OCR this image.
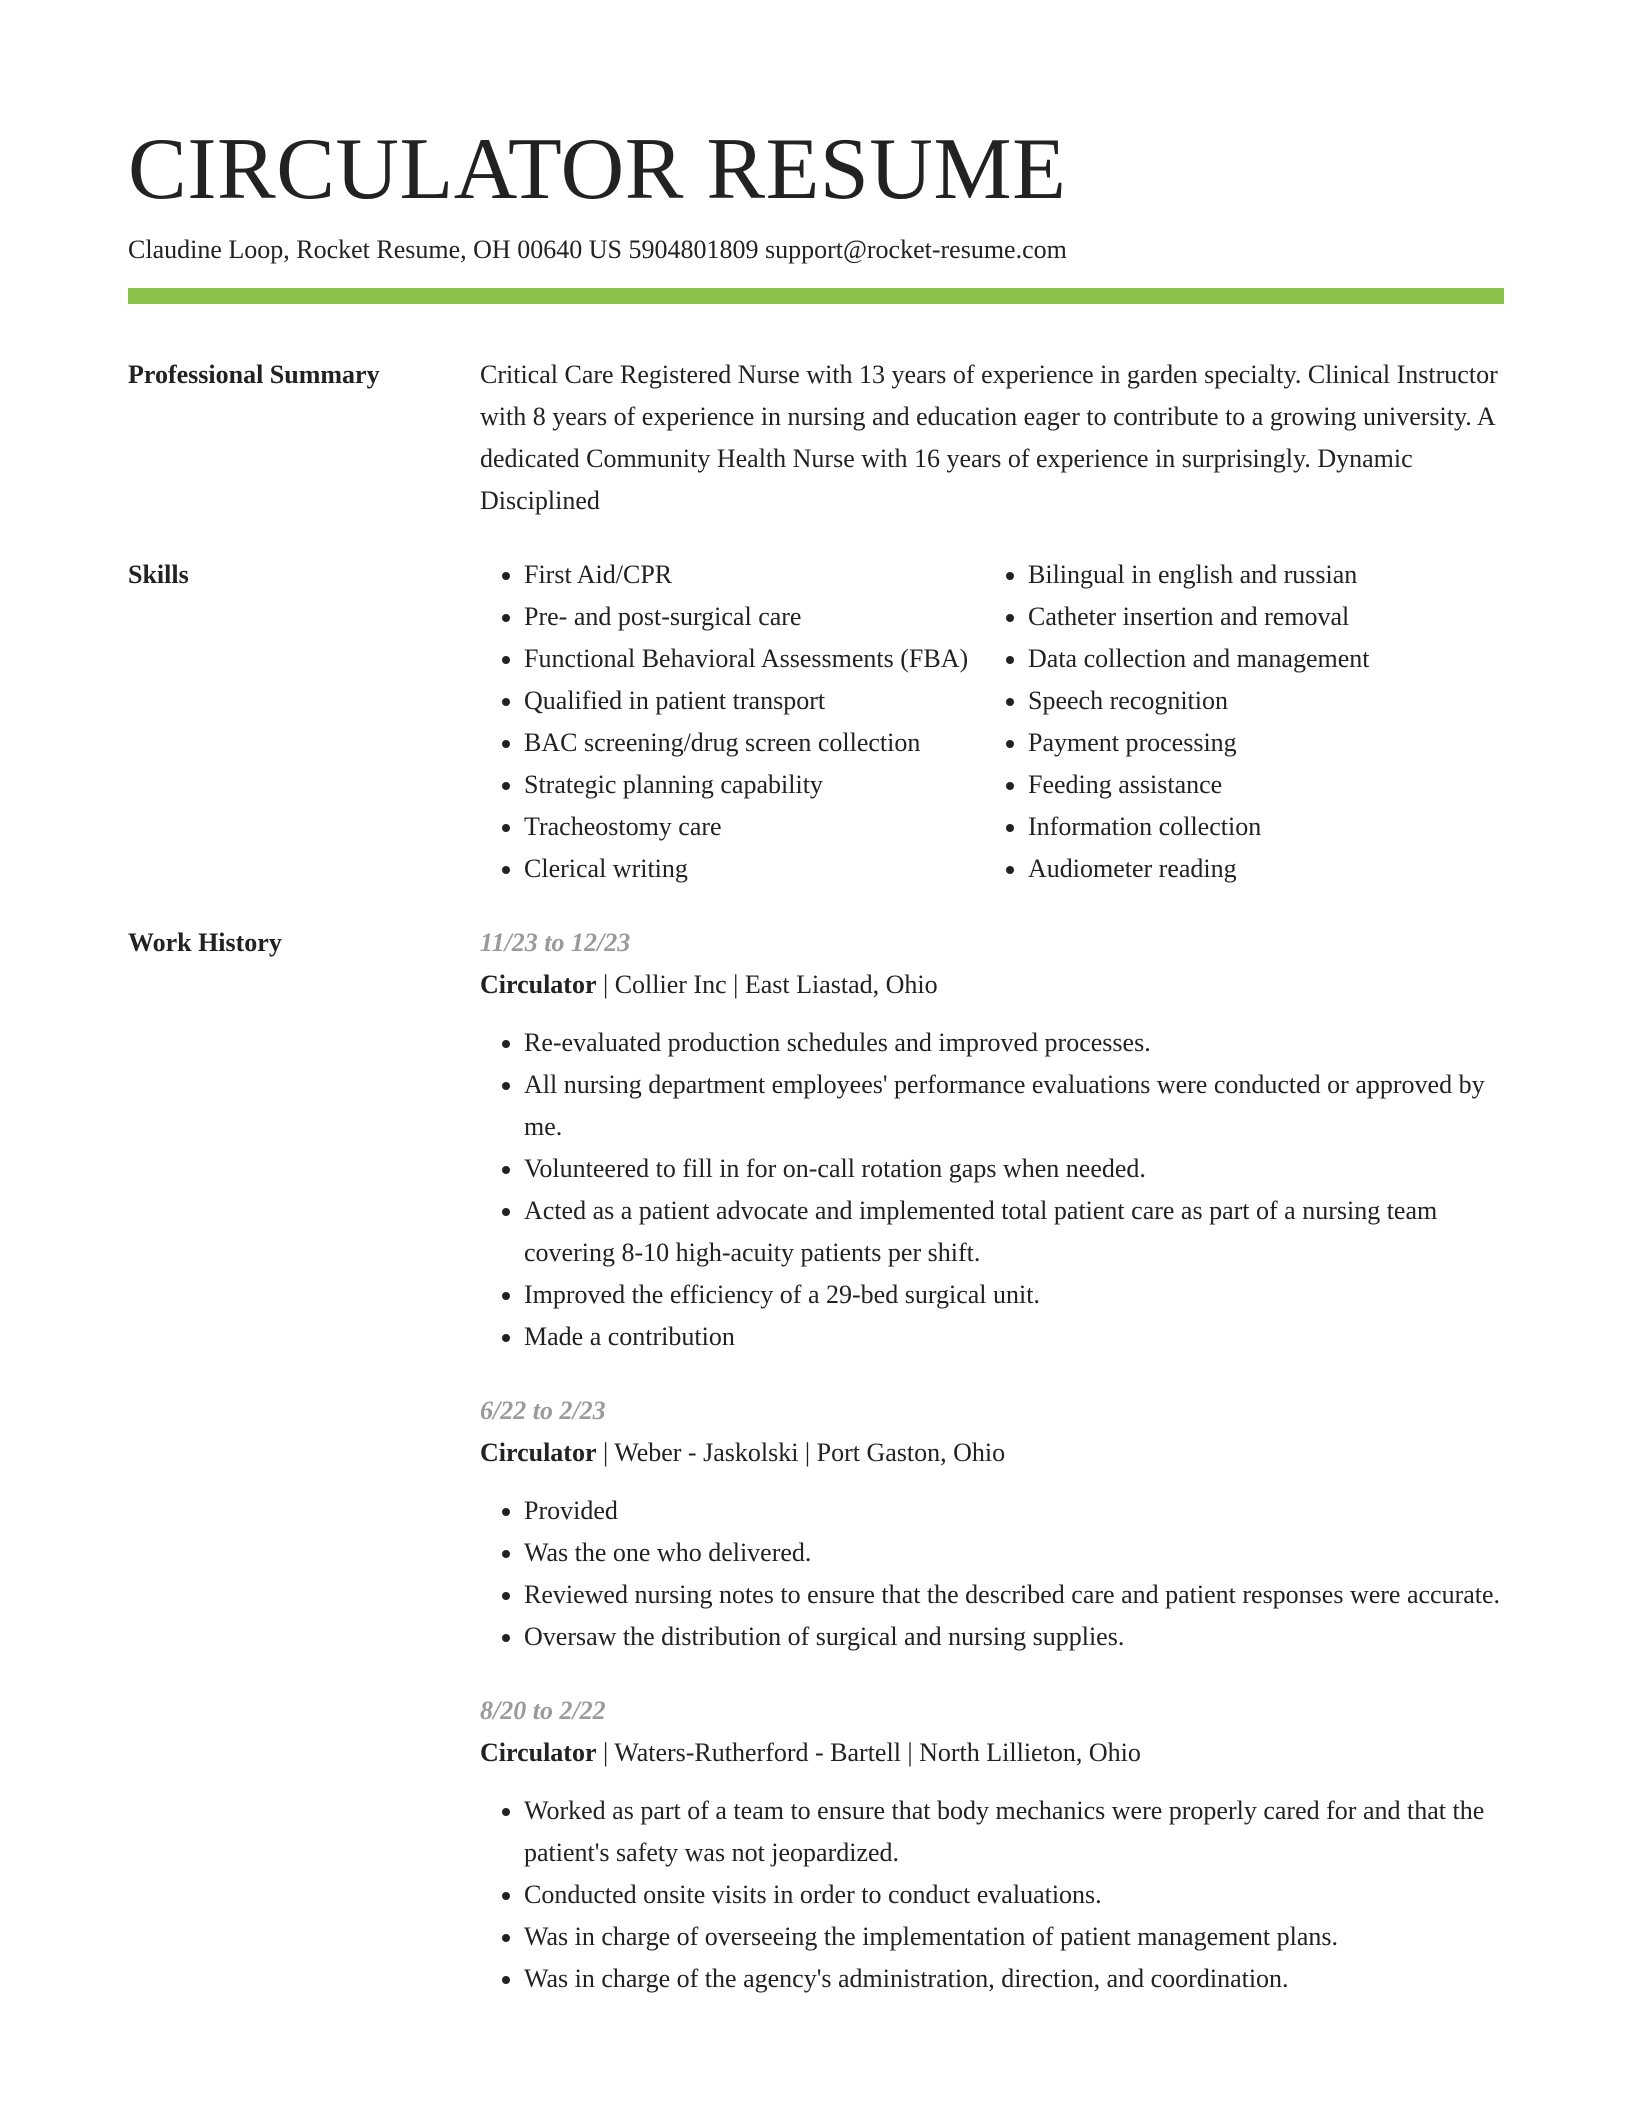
CIRCULATOR RESUME
Claudine Loop, Rocket Resume, OH 00640 US 5904801809 support@rocket-resume.com
Professional Summary	Critical Care Registered Nurse with 13 years of experience in garden specialty. Clinical Instructor with 8 years of experience in nursing and education eager to contribute to a growing university. A dedicated Community Health Nurse with 16 years of experience in surprisingly. Dynamic Disciplined
Skills
•	First Aid/CPR
• Pre- and post-surgical care
• Functional Behavioral Assessments (FBA)
• Qualified in patient transport
• BAC screening/drug screen collection
• Strategic planning capability
• Tracheostomy care
• Clerical writing
• Bilingual in english and russian
• Catheter insertion and removal
• Data collection and management
• Speech recognition
• Payment processing
• Feeding assistance
• Information collection
• Audiometer reading
Work History	11/23 to 12/23
Circulator | Collier Inc | East Liastad, Ohio
• Re-evaluated production schedules and improved processes.
• All nursing department employees' performance evaluations were conducted or approved by me.
• Volunteered to fill in for on-call rotation gaps when needed.
• Acted as a patient advocate and implemented total patient care as part of a nursing team covering 8-10 high-acuity patients per shift.
• Improved the efficiency of a 29-bed surgical unit.
• Made a contribution
6/22 to 2/23
Circulator | Weber - Jaskolski | Port Gaston, Ohio
• Provided
• Was the one who delivered.
• Reviewed nursing notes to ensure that the described care and patient responses were accurate.
• Oversaw the distribution of surgical and nursing supplies.
8/20 to 2/22
Circulator | Waters-Rutherford - Bartell | North Lillieton, Ohio
• Worked as part of a team to ensure that body mechanics were properly cared for and that the patient's safety was not jeopardized.
• Conducted onsite visits in order to conduct evaluations.
• Was in charge of overseeing the implementation of patient management plans.
• Was in charge of the agency's administration, direction, and coordination.
